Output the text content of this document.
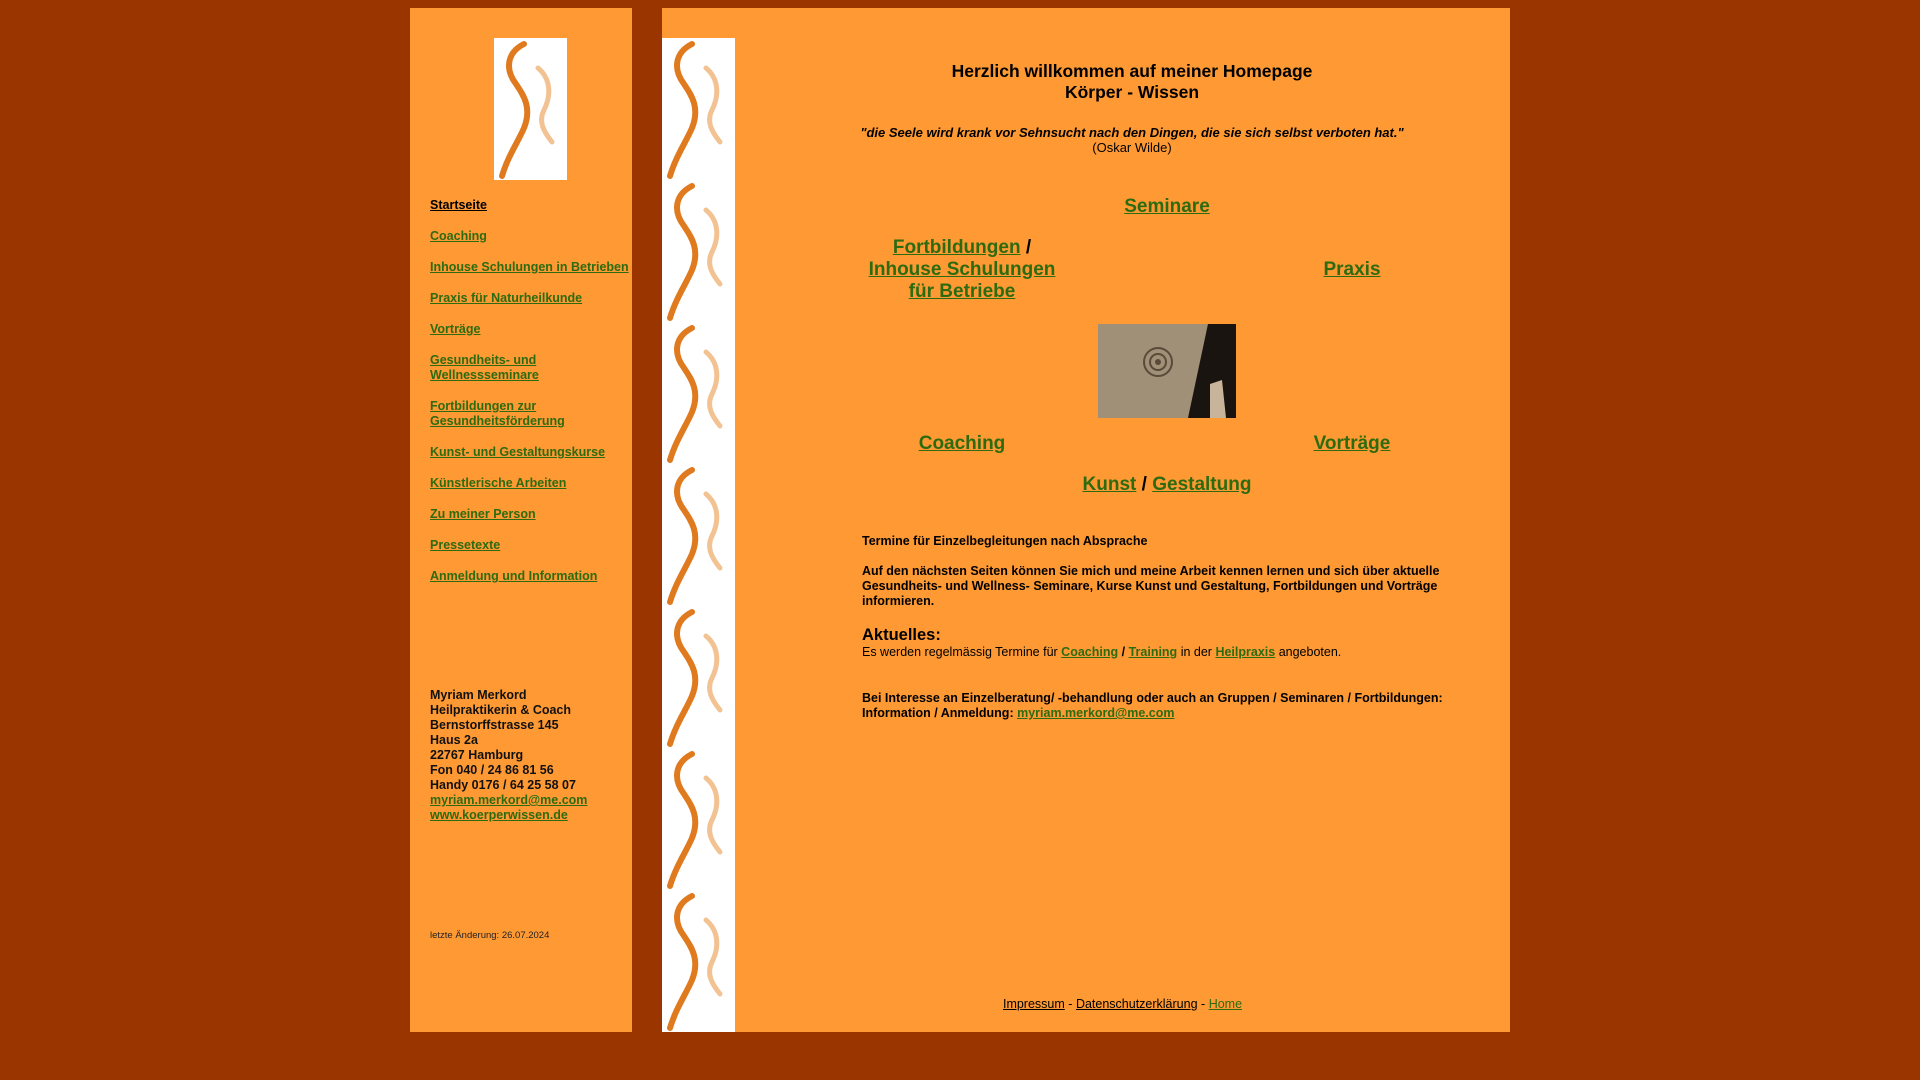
Startseite
Coaching
Inhouse Schulungen in Betrieben
Praxis für Naturheilkunde
Vorträge
Gesundheits- und Wellnessseminare
Fortbildungen zur Gesundheitsförderung
Kunst- und Gestaltungskurse
Künstlerische Arbeiten
Zu meiner Person
Pressetexte
Anmeldung und Information
Myriam Merkord
Heilpraktikerin & Coach
Bernstorffstrasse 145
Haus 2a
22767 Hamburg
Fon 040 / 24 86 81 56
Handy 0176 / 64 25 58 07
myriam.merkord@me.com
www.koerperwissen.de
letzte Änderung: 26.07.2024
Herzlich willkommen auf meiner Homepage
Körper - Wissen
"die Seele wird krank vor Sehnsucht nach den Dingen, die sie sich selbst verboten hat."
(Oskar Wilde)
Seminare
Fortbildungen /
Inhouse Schulungen
für Betriebe
Praxis
Coaching	Vorträge
Kunst / Gestaltung

Termine für Einzelbegleitungen nach Absprache

Auf den nächsten Seiten können Sie mich und meine Arbeit kennen lernen und sich über aktuelle Gesundheits- und Wellness- Seminare, Kurse Kunst und Gestaltung, Fortbildungen und Vorträge informieren.

Aktuelles:

Es werden regelmässig Termine für Coaching / Training in der Heilpraxis angeboten.

Bei Interesse an Einzelberatung/ -behandlung oder auch an Gruppen / Seminaren / Fortbildungen:

Information / Anmeldung: myriam.merkord@me.com

Impressum - Datenschutzerklärung - Home
